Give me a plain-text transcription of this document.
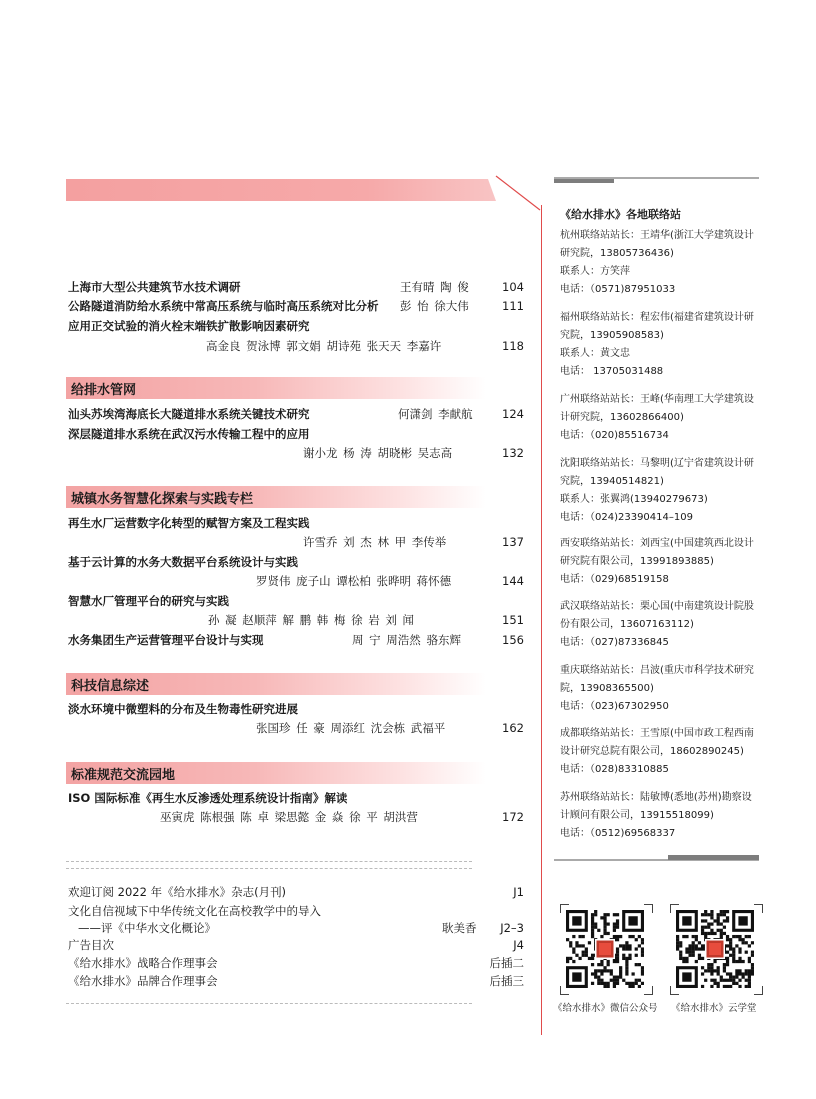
上海市大型公共建筑节水技术调研	王有晴 陶 俊	104
公路隧道消防给水系统中常高压系统与临时高压系统对比分析 彭 怡 徐大伟	111
应用正交试验的消火栓末端铁扩散影响因素研究
高金良 贺泳博 郭文娟 胡诗苑 张天天 李嘉许	118
给排水管网
汕头苏埃湾海底长大隧道排水系统关键技术研究	何潇剑 李献航	124
深层隧道排水系统在武汉污水传输工程中的应用
谢小龙 杨 涛 胡晓彬 吴志高	132
城镇水务智慧化探索与实践专栏
再生水厂运营数字化转型的赋智方案及工程实践
许雪乔 刘 杰 林 甲 李传举	137
基于云计算的水务大数据平台系统设计与实践
罗贤伟 庞子山 谭松柏 张晔明 蒋怀德	144
智慧水厂管理平台的研究与实践
孙 凝 赵顺萍 解 鹏 韩 梅 徐 岩 刘 闻	151
水务集团生产运营管理平台设计与实现	周 宁 周浩然 骆东辉	156
科技信息综述
淡水环境中微塑料的分布及生物毒性研究进展
张国珍 任 豪 周添红 沈会栋 武福平	162
标准规范交流园地
ISO 国际标准《再生水反渗透处理系统设计指南》解读
巫寅虎 陈根强 陈 卓 梁思懿 金 焱 徐 平 胡洪营	172
欢迎订阅 2022 年《给水排水》杂志(月刊)	J1
文化自信视域下中华传统文化在高校教学中的导入
——评《中华水文化概论》	耿美香	J2–3
广告目次	J4
《给水排水》战略合作理事会	后插二
《给水排水》品牌合作理事会	后插三
《给水排水》各地联络站
杭州联络站站长：王靖华(浙江大学建筑设计
研究院，13805736436)
联系人：方笑萍
电话：（0571)87951033
福州联络站站长：程宏伟(福建省建筑设计研
究院，13905908583)
联系人：黄文忠
电话： 13705031488
广州联络站站长：王峰(华南理工大学建筑设
计研究院，13602866400)
电话：（020)85516734
沈阳联络站站长：马黎明(辽宁省建筑设计研
究院，13940514821)
联系人：张翼鸿(13940279673)
电话：（024)23390414–109
西安联络站站长：刘西宝(中国建筑西北设计
研究院有限公司，13991893885)
电话：（029)68519158
武汉联络站站长：栗心国(中南建筑设计院股
份有限公司，13607163112)
电话：（027)87336845
重庆联络站站长：吕波(重庆市科学技术研究
院，13908365500)
电话：（023)67302950
成都联络站站长：王雪原(中国市政工程西南
设计研究总院有限公司，18602890245)
电话：（028)83310885
苏州联络站站长：陆敏博(悉地(苏州)勘察设
计顾问有限公司，13915518099)
电话：（0512)69568337
《给水排水》微信公众号 《给水排水》云学堂
